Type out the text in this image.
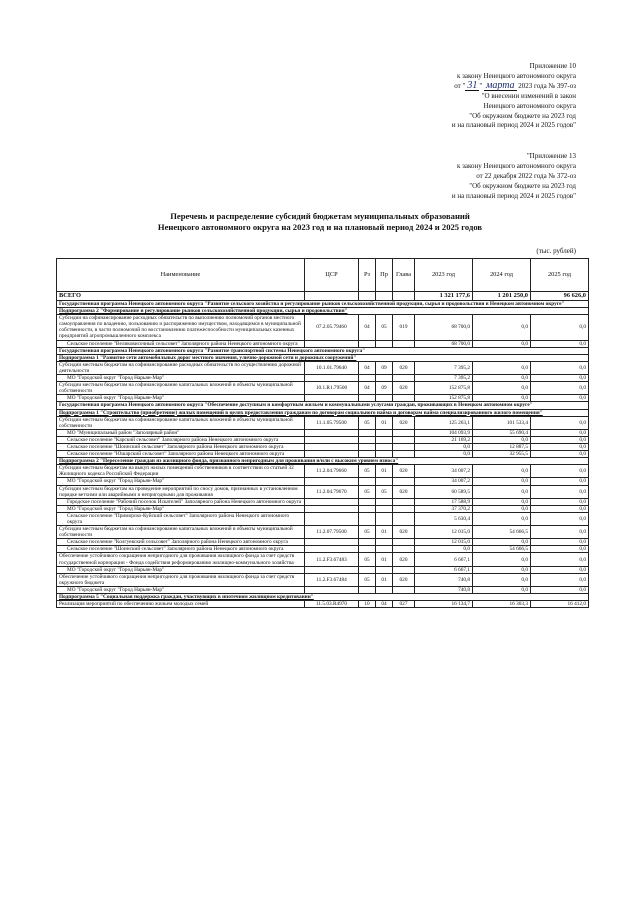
Приложение 10
к закону Ненецкого автономного округа
от " 31 " марта 2023 года № 397-оз
"О внесении изменений в закон
Ненецкого автономного округа
"Об окружном бюджете на 2023 год
и на плановый период 2024 и 2025 годов"
"Приложение 13
к закону Ненецкого автономного округа
от 22 декабря 2022 года № 372-оз
"Об окружном бюджете на 2023 год
и на плановый период 2024 и 2025 годов"
Перечень и распределение субсидий бюджетам муниципальных образований
Ненецкого автономного округа на 2023 год и на плановый период 2024 и 2025 годов
(тыс. рублей)
Наименование	ЦСР	Рз	Пр	Глава	2023 год	2024 год	2025 год
ВСЕГО					1 321 177,6	1 201 250,0	96 626,0
Государственная программа Ненецкого автономного округа "Развитие сельского хозяйства и регулирование рынков сельскохозяйственной продукции, сырья и продовольствия в Ненецком автономном округе"							
Подпрограмма 2 "Формирование и регулирование рынков сельскохозяйственной продукции, сырья и продовольствия"							
Субсидии на софинансирование расходных обязательств по выполнению полномочий органов местного самоуправления по владению, пользованию и распоряжению имуществом, находящимся в муниципальной собственности, в части полномочий по восстановлению платежеспособности муниципальных казенных предприятий агропромышленного комплекса	07.2.05.79460	04	05	019	68 700,0	0,0	0,0
Сельское поселение "Великовисочный сельсовет" Заполярного района Ненецкого автономного округа					68 700,0	0,0	0,0
Государственная программа Ненецкого автономного округа "Развитие транспортной системы Ненецкого автономного округа"							
Подпрограмма 1 "Развитие сети автомобильных дорог местного значения, улично-дорожной сети и дорожных сооружений"							
Субсидии местным бюджетам на софинансирование расходных обязательств по осуществлению дорожной деятельности	10.1.01.79640	04	09	020	7 395,2	0,0	0,0
МО "Городской округ "Город Нарьян-Мар"					7 395,2	0,0	0,0
Субсидии местным бюджетам на софинансирование капитальных вложений в объекты муниципальной собственности	10.1.R1.79500	04	09	020	152 875,8	0,0	0,0
МО "Городской округ "Город Нарьян-Мар"					152 875,8	0,0	0,0
Государственная программа Ненецкого автономного округа "Обеспечение доступным и комфортным жильем и коммунальными услугами граждан, проживающих в Ненецком автономном округе"							
Подпрограмма 1 "Строительство (приобретение) жилых помещений в целях предоставления гражданам по договорам социального найма и договорам найма специализированного жилого помещения"							
Субсидии местным бюджетам на софинансирование капитальных вложений в объекты муниципальной собственности	11.1.05.79500	05	01	020	125 263,1	101 533,4	0,0
МО "Муниципальный район "Заполярный район"					104 093,9	55 690,4	0,0
Сельское поселение "Карский сельсовет" Заполярного района Ненецкого автономного округа					21 169,2	0,0	0,0
Сельское поселение "Шоинский сельсовет" Заполярного района Ненецкого автономного округа					0,0	12 887,5	0,0
Сельское поселение "Юшарский сельсовет" Заполярного района Ненецкого автономного округа					0,0	32 955,5	0,0
Подпрограмма 2 "Переселение граждан из жилищного фонда, признанного непригодным для проживания и/или с высоким уровнем износа"							
Субсидии местным бюджетам на выкуп жилых помещений собственников в соответствии со статьей 32 Жилищного кодекса Российской Федерации	11.2.04.79660	05	01	020	34 007,2	0,0	0,0
МО "Городской округ "Город Нарьян-Мар"					34 007,2	0,0	0,0
Субсидии местным бюджетам на проведение мероприятий по сносу домов, признанных в установленном порядке ветхими или аварийными и непригодными для проживания	11.2.04.79670	05	05	020	60 589,5	0,0	0,0
Городское поселение "Рабочий поселок Искателей" Заполярного района Ненецкого автономного округа					17 588,9	0,0	0,0
МО "Городской округ "Город Нарьян-Мар"					37 370,2	0,0	0,0
Сельское поселение "Приморско-Куйский сельсовет" Заполярного района Ненецкого автономного округа					5 630,4	0,0	0,0
Субсидии местным бюджетам на софинансирование капитальных вложений в объекты муниципальной собственности	11.2.07.79500	05	01	020	12 015,0	54 666,5	0,0
Сельское поселение "Колгуевский сельсовет" Заполярного района Ненецкого автономного округа					12 015,0	0,0	0,0
Сельское поселение "Шоинский сельсовет" Заполярного района Ненецкого автономного округа					0,0	54 666,5	0,0
Обеспечение устойчивого сокращения непригодного для проживания жилищного фонда за счет средств государственной корпорации - Фонда содействия реформированию жилищно-коммунального хозяйства	11.2.F3.67483	05	01	020	6 667,1	0,0	0,0
МО "Городской округ "Город Нарьян-Мар"					6 667,1	0,0	0,0
Обеспечение устойчивого сокращения непригодного для проживания жилищного фонда за счет средств окружного бюджета	11.2.F3.67484	05	01	020	740,8	0,0	0,0
МО "Городской округ "Город Нарьян-Мар"					740,8	0,0	0,0
Подпрограмма 5 "Социальная поддержка граждан, участвующих в ипотечном жилищном кредитовании"							
Реализация мероприятий по обеспечению жильем молодых семей	11.5.03.R4970	10	04	027	16 134,7	16 303,3	16 412,0
